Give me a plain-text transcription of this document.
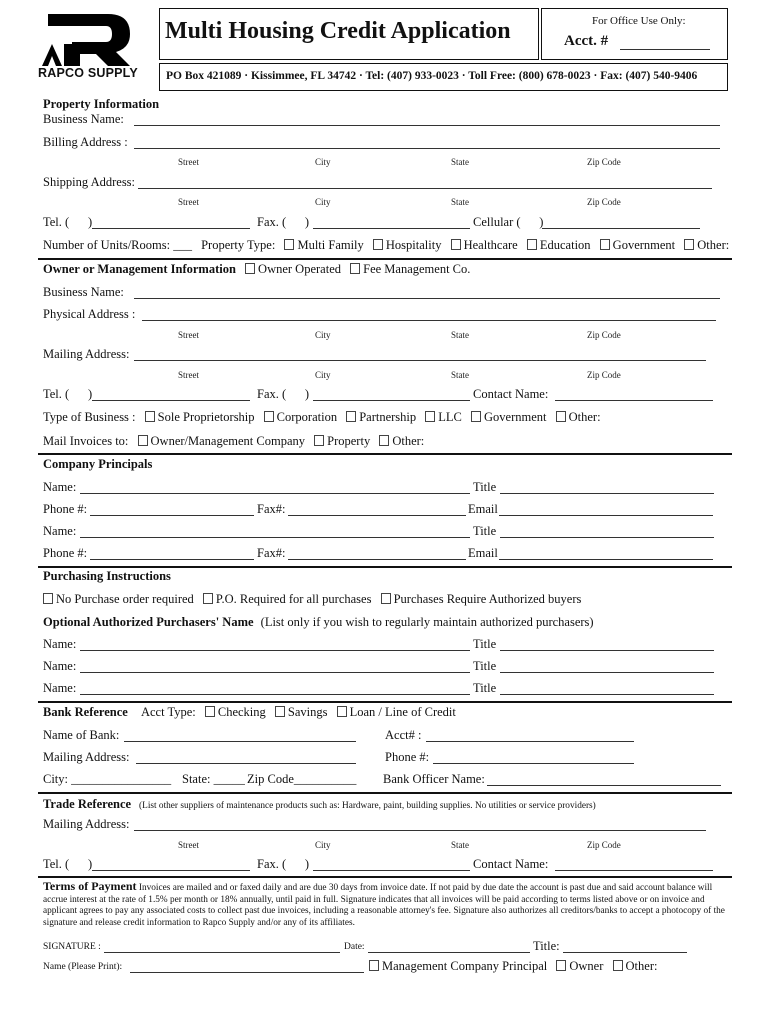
RAPCO SUPPLY
Multi Housing Credit Application	For Office Use Only:
Acct. #
PO Box 421089 · Kissimmee, FL 34742 · Tel: (407) 933-0023 · Toll Free: (800) 678-0023 · Fax: (407) 540-9406
Property Information
Business Name:
Billing Address :
Street	City	State	Zip Code
Shipping Address:
Street	City	State	Zip Code
Tel. (      )	Fax. (      )	Cellular (      )
Number of Units/Rooms: ___ Property Type: Multi Family Hospitality Healthcare Education Government Other:
Owner or Management Information Owner Operated Fee Management Co.
Business Name:
Physical Address :
Street	City	State	Zip Code
Mailing Address:
Street	City	State	Zip Code
Tel. (      )	Fax. (      )	Contact Name:
Type of Business : Sole Proprietorship Corporation Partnership LLC Government Other:
Mail Invoices to: Owner/Management Company Property Other:
Company Principals
Name:	Title
Phone #:	Fax#:	Email
Name:	Title
Phone #:	Fax#:	Email
Purchasing Instructions
No Purchase order required P.O. Required for all purchases Purchases Require Authorized buyers
Optional Authorized Purchasers' Name (List only if you wish to regularly maintain authorized purchasers)
Name:	Title
Name:	Title
Name:	Title
Bank Reference Acct Type: Checking Savings Loan / Line of Credit
Name of Bank:	Acct# :
Mailing Address:	Phone #:
City: ________________ State: _____ Zip Code__________ Bank Officer Name:
Trade Reference (List other suppliers of maintenance products such as: Hardware, paint, building supplies. No utilities or service providers)
Mailing Address:
Street	City	State	Zip Code
Tel. (      )	Fax. (      )	Contact Name:
Terms of Payment Invoices are mailed and or faxed daily and are due 30 days from invoice date. If not paid by due date the account is past due and said account balance will accrue interest at the rate of 1.5% per month or 18% annually, until paid in full. Signature indicates that all invoices will be paid according to terms listed above or on invoice and applicant agrees to pay any associated costs to collect past due invoices, including a reasonable attorney's fee. Signature also authorizes all creditors/banks to accept a photocopy of the signature and release credit information to Rapco Supply and/or any of its affiliates.
SIGNATURE :	Date:	Title:
Name (Please Print):	Management Company Principal Owner Other:
